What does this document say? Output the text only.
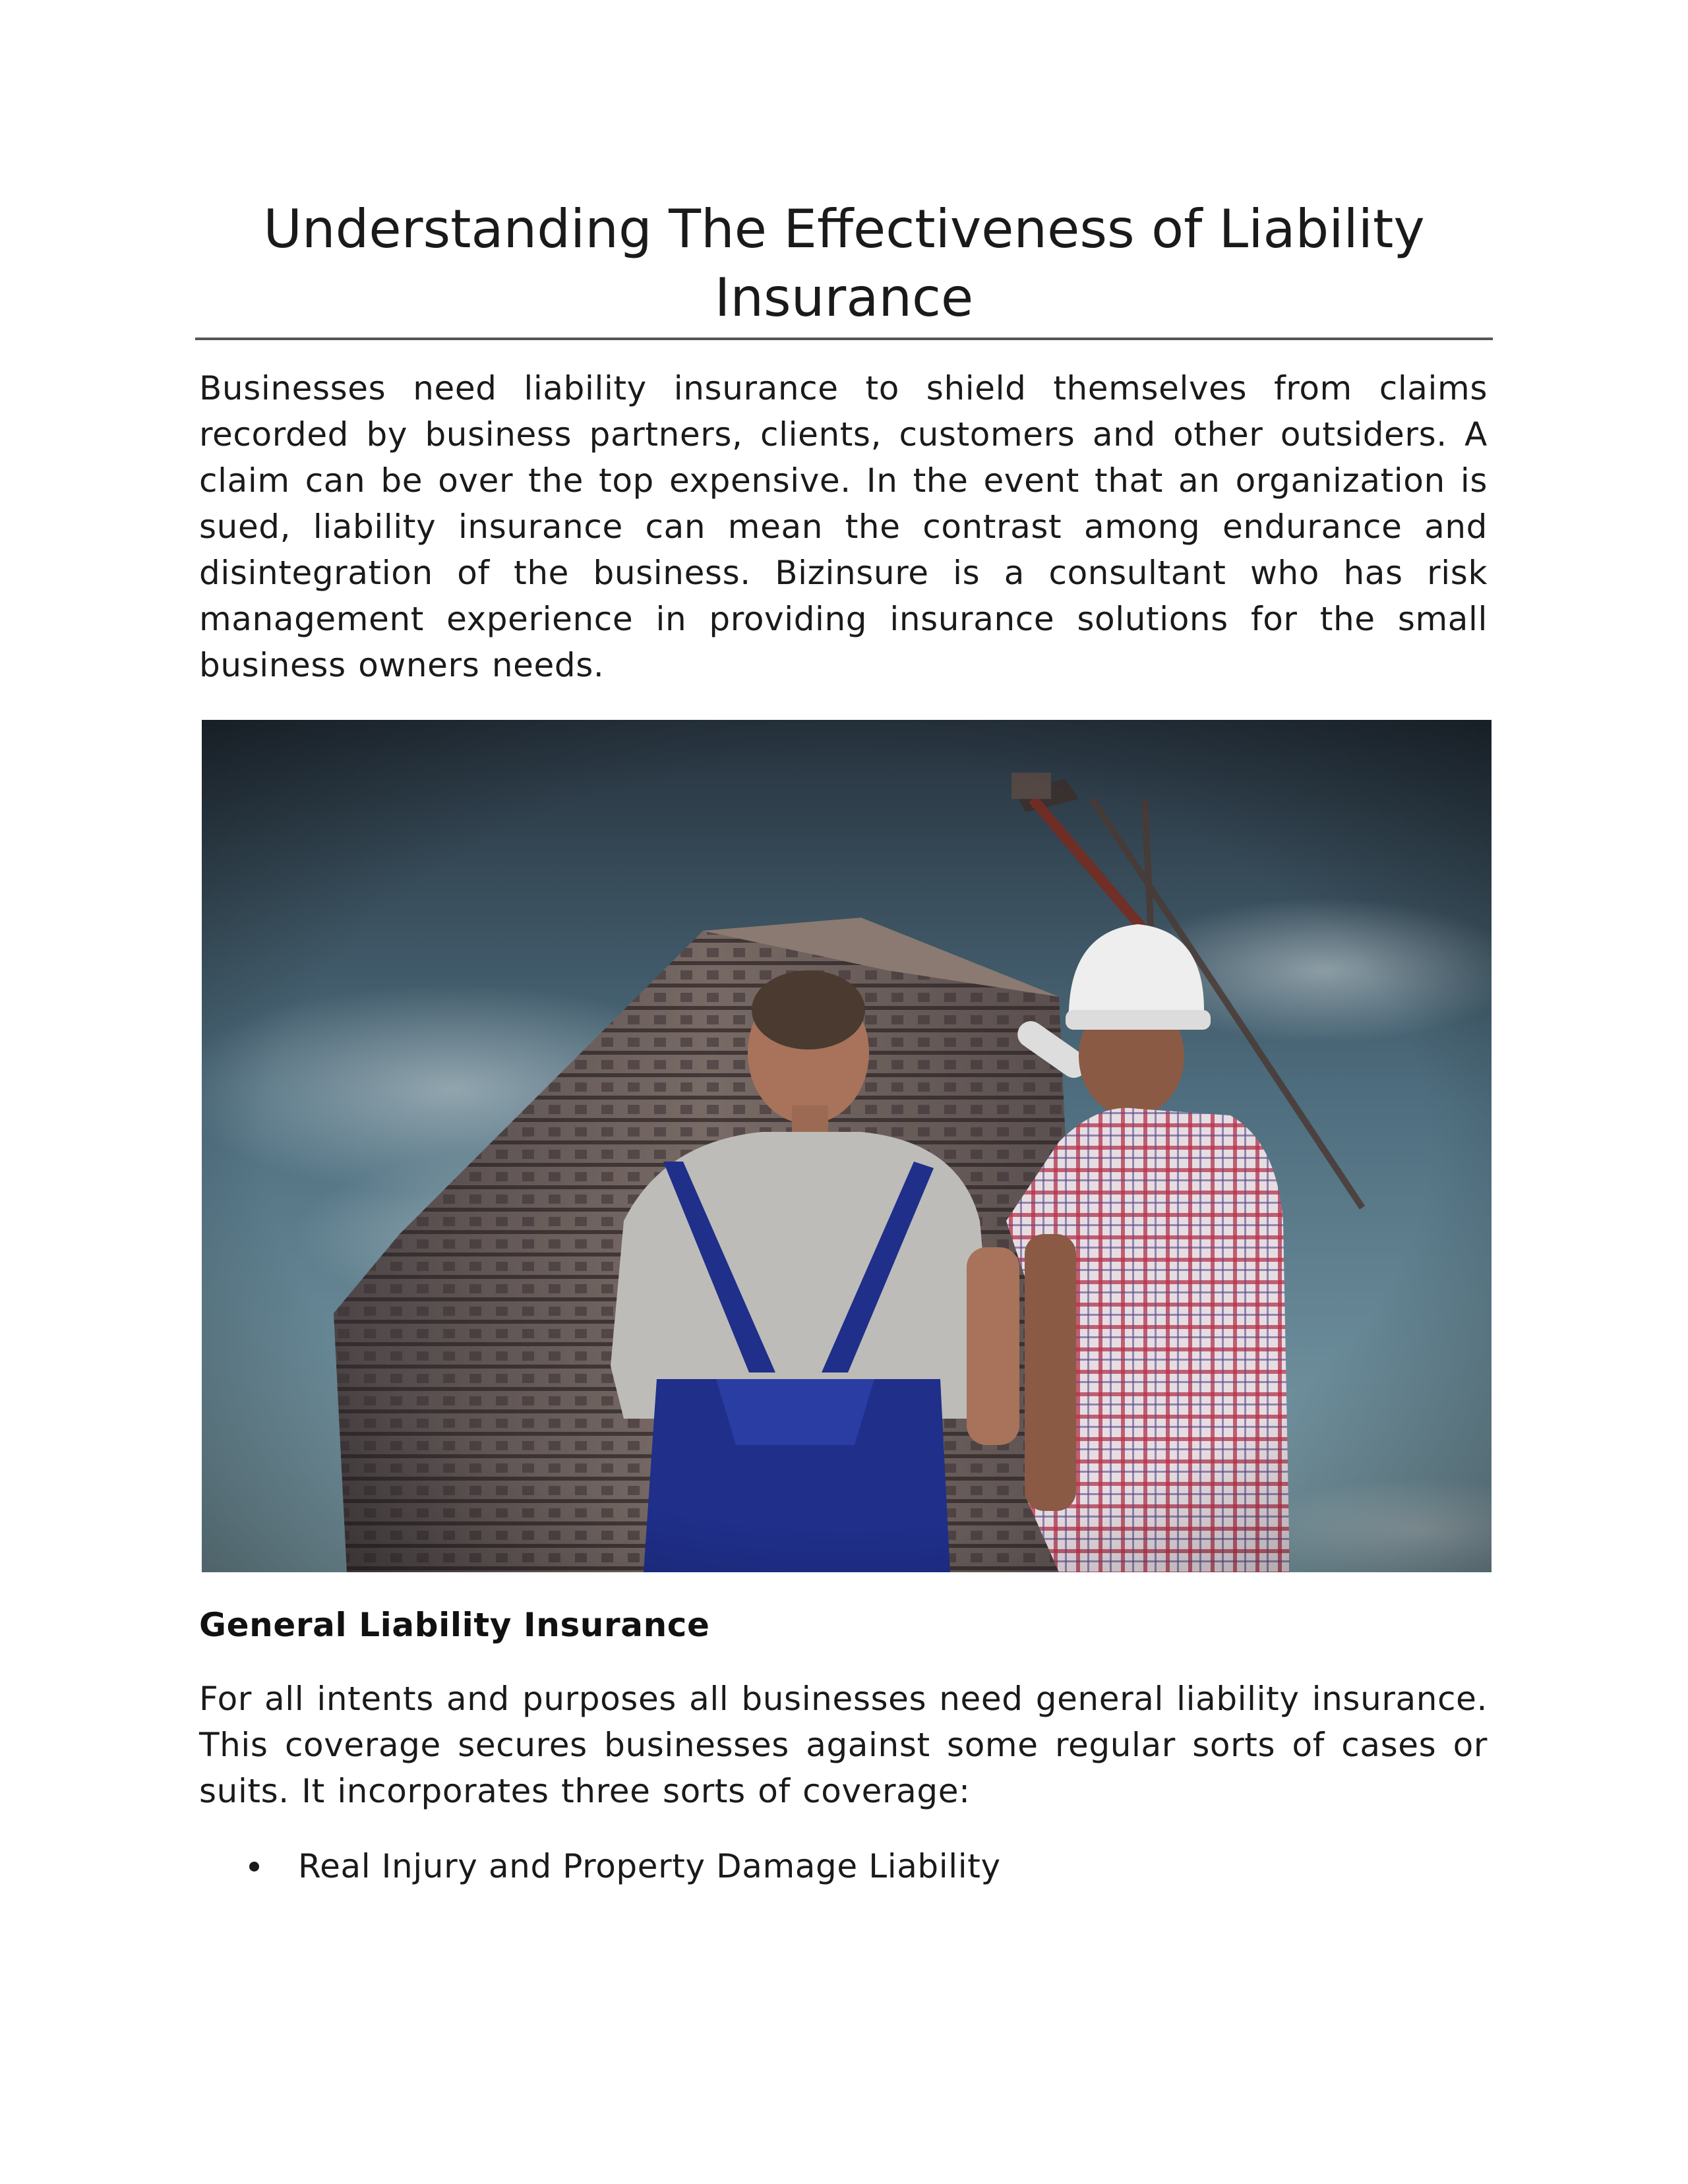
Understanding The Effectiveness of Liability Insurance

Businesses need liability insurance to shield themselves from claims recorded by business partners, clients, customers and other outsiders. A claim can be over the top expensive. In the event that an organization is sued, liability insurance can mean the contrast among endurance and disintegration of the business. Bizinsure is a consultant who has risk management experience in providing insurance solutions for the small business owners needs.

General Liability Insurance

For all intents and purposes all businesses need general liability insurance. This coverage secures businesses against some regular sorts of cases or suits. It incorporates three sorts of coverage:

Real Injury and Property Damage Liability
